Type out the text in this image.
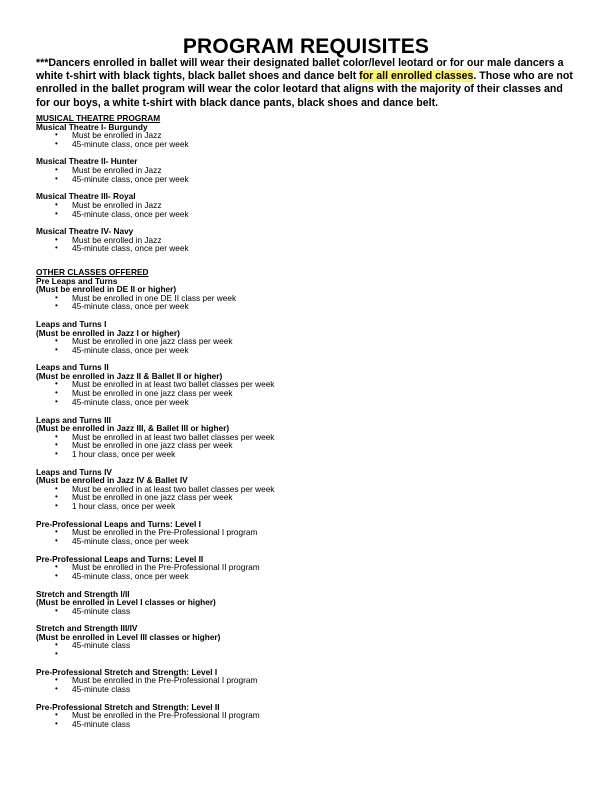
PROGRAM REQUISITES
***Dancers enrolled in ballet will wear their designated ballet color/level leotard or for our male dancers a white t-shirt with black tights, black ballet shoes and dance belt for all enrolled classes. Those who are not enrolled in the ballet program will wear the color leotard that aligns with the majority of their classes and for our boys, a white t-shirt with black dance pants, black shoes and dance belt.
MUSICAL THEATRE PROGRAM
Musical Theatre I- Burgundy
• Must be enrolled in Jazz
• 45-minute class, once per week
Musical Theatre II- Hunter
• Must be enrolled in Jazz
• 45-minute class, once per week
Musical Theatre III- Royal
• Must be enrolled in Jazz
• 45-minute class, once per week
Musical Theatre IV- Navy
• Must be enrolled in Jazz
• 45-minute class, once per week
OTHER CLASSES OFFERED
Pre Leaps and Turns
(Must be enrolled in DE II or higher)
• Must be enrolled in one DE II class per week
• 45-minute class, once per week
Leaps and Turns I
(Must be enrolled in Jazz I or higher)
• Must be enrolled in one jazz class per week
• 45-minute class, once per week
Leaps and Turns II
(Must be enrolled in Jazz II & Ballet II or higher)
• Must be enrolled in at least two ballet classes per week
• Must be enrolled in one jazz class per week
• 45-minute class, once per week
Leaps and Turns III
(Must be enrolled in Jazz III, & Ballet III or higher)
• Must be enrolled in at least two ballet classes per week
• Must be enrolled in one jazz class per week
• 1 hour class, once per week
Leaps and Turns IV
(Must be enrolled in Jazz IV & Ballet IV
• Must be enrolled in at least two ballet classes per week
• Must be enrolled in one jazz class per week
• 1 hour class, once per week
Pre-Professional Leaps and Turns: Level I
• Must be enrolled in the Pre-Professional I program
• 45-minute class, once per week
Pre-Professional Leaps and Turns: Level II
• Must be enrolled in the Pre-Professional II program
• 45-minute class, once per week
Stretch and Strength I/II
(Must be enrolled in Level I classes or higher)
• 45-minute class
Stretch and Strength III/IV
(Must be enrolled in Level III classes or higher)
• 45-minute class
•
Pre-Professional Stretch and Strength: Level I
• Must be enrolled in the Pre-Professional I program
• 45-minute class
Pre-Professional Stretch and Strength: Level II
• Must be enrolled in the Pre-Professional II program
• 45-minute class
